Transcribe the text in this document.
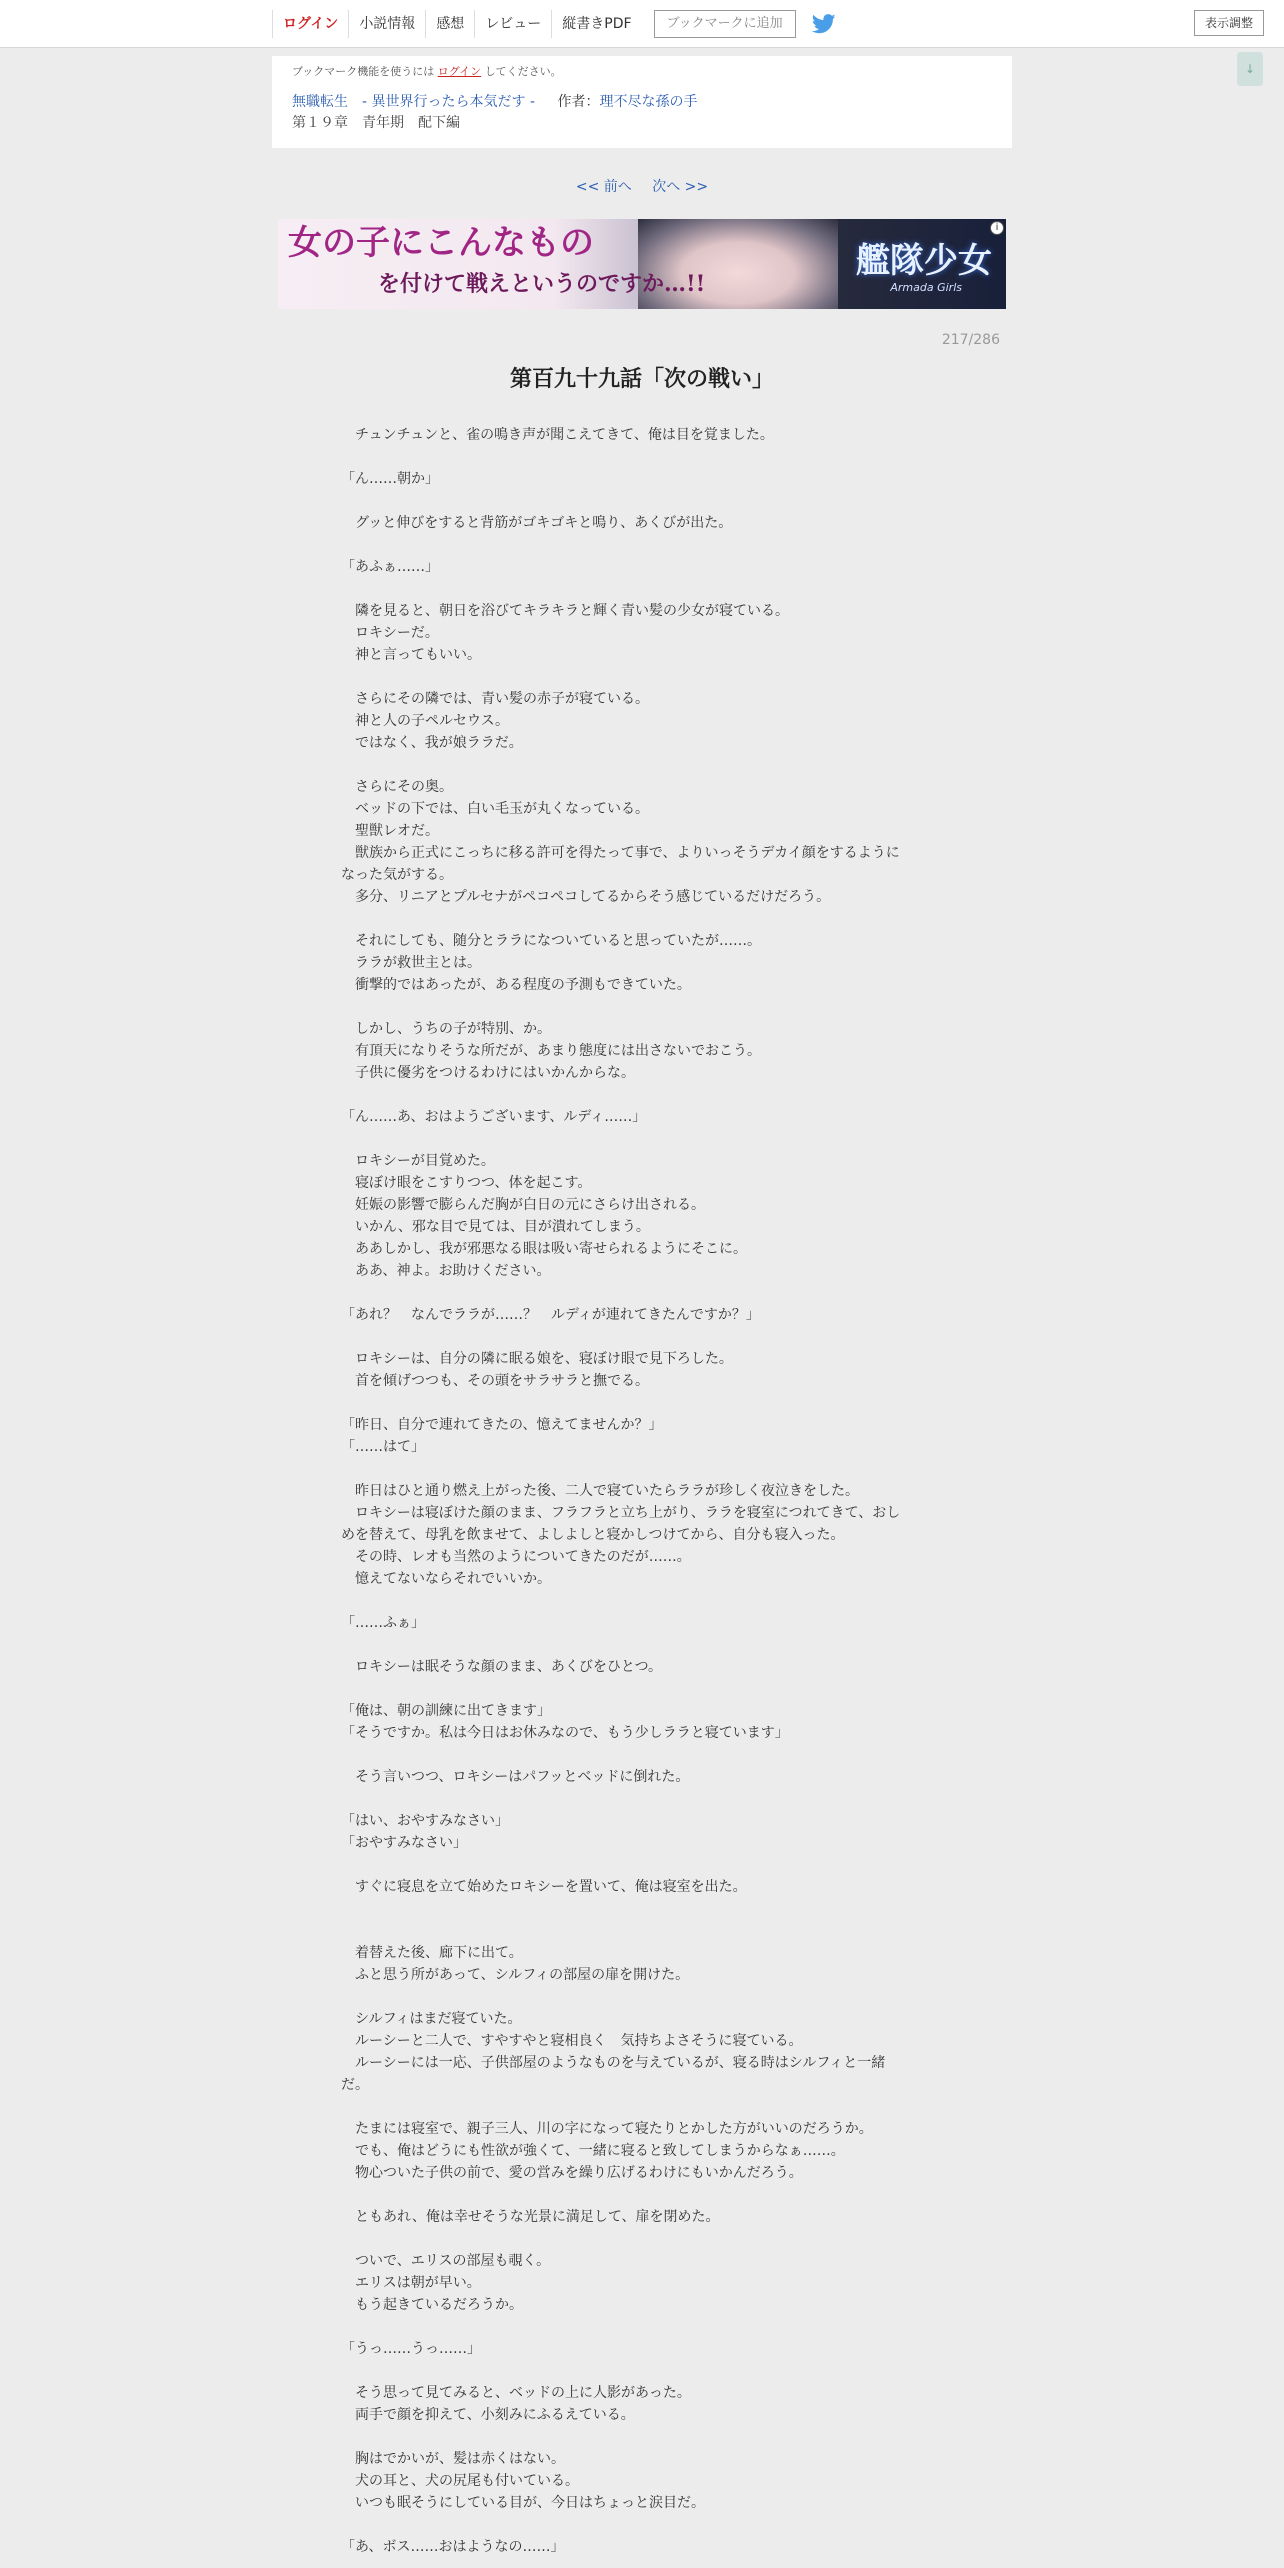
ログイン	小説情報	感想	レビュー	縦書きPDF	ブックマークに追加	表示調整
↓
ブックマーク機能を使うには ログイン してください。
無職転生　- 異世界行ったら本気だす - 作者：理不尽な孫の手
第１９章　青年期　配下編
<< 前へ 次へ >>
女の子にこんなもの
を付けて戦えというのですか…!!
艦隊少女
Armada Girls
i
217/286
第百九十九話「次の戦い」

　チュンチュンと、雀の鳴き声が聞こえてきて、俺は目を覚ました。

「ん……朝か」

　グッと伸びをすると背筋がゴキゴキと鳴り、あくびが出た。

「あふぁ……」

　隣を見ると、朝日を浴びてキラキラと輝く青い髪の少女が寝ている。

　ロキシーだ。

　神と言ってもいい。

　さらにその隣では、青い髪の赤子が寝ている。

　神と人の子ペルセウス。

　ではなく、我が娘ララだ。

　さらにその奥。

　ベッドの下では、白い毛玉が丸くなっている。

　聖獣レオだ。

　獣族から正式にこっちに移る許可を得たって事で、よりいっそうデカイ顔をするように

なった気がする。

　多分、リニアとプルセナがペコペコしてるからそう感じているだけだろう。

　それにしても、随分とララになついていると思っていたが……。

　ララが救世主とは。

　衝撃的ではあったが、ある程度の予測もできていた。

　しかし、うちの子が特別、か。

　有頂天になりそうな所だが、あまり態度には出さないでおこう。

　子供に優劣をつけるわけにはいかんからな。

「ん……あ、おはようございます、ルディ……」

　ロキシーが目覚めた。

　寝ぼけ眼をこすりつつ、体を起こす。

　妊娠の影響で膨らんだ胸が白日の元にさらけ出される。

　いかん、邪な目で見ては、目が潰れてしまう。

　ああしかし、我が邪悪なる眼は吸い寄せられるようにそこに。

　ああ、神よ。お助けください。

「あれ？　なんでララが……？　ルディが連れてきたんですか？」

　ロキシーは、自分の隣に眠る娘を、寝ぼけ眼で見下ろした。

　首を傾げつつも、その頭をサラサラと撫でる。

「昨日、自分で連れてきたの、憶えてませんか？」

「……はて」

　昨日はひと通り燃え上がった後、二人で寝ていたらララが珍しく夜泣きをした。

　ロキシーは寝ぼけた顔のまま、フラフラと立ち上がり、ララを寝室につれてきて、おし

めを替えて、母乳を飲ませて、よしよしと寝かしつけてから、自分も寝入った。

　その時、レオも当然のようについてきたのだが……。

　憶えてないならそれでいいか。

「……ふぁ」

　ロキシーは眠そうな顔のまま、あくびをひとつ。

「俺は、朝の訓練に出てきます」

「そうですか。私は今日はお休みなので、もう少しララと寝ています」

　そう言いつつ、ロキシーはパフッとベッドに倒れた。

「はい、おやすみなさい」

「おやすみなさい」

　すぐに寝息を立て始めたロキシーを置いて、俺は寝室を出た。

　着替えた後、廊下に出て。

　ふと思う所があって、シルフィの部屋の扉を開けた。

　シルフィはまだ寝ていた。

　ルーシーと二人で、すやすやと寝相良く　気持ちよさそうに寝ている。

　ルーシーには一応、子供部屋のようなものを与えているが、寝る時はシルフィと一緒

だ。

　たまには寝室で、親子三人、川の字になって寝たりとかした方がいいのだろうか。

　でも、俺はどうにも性欲が強くて、一緒に寝ると致してしまうからなぁ……。

　物心ついた子供の前で、愛の営みを繰り広げるわけにもいかんだろう。

　ともあれ、俺は幸せそうな光景に満足して、扉を閉めた。

　ついで、エリスの部屋も覗く。

　エリスは朝が早い。

　もう起きているだろうか。

「うっ……うっ……」

　そう思って見てみると、ベッドの上に人影があった。

　両手で顔を抑えて、小刻みにふるえている。

　胸はでかいが、髪は赤くはない。

　犬の耳と、犬の尻尾も付いている。

　いつも眠そうにしている目が、今日はちょっと涙目だ。

「あ、ボス……おはようなの……」
